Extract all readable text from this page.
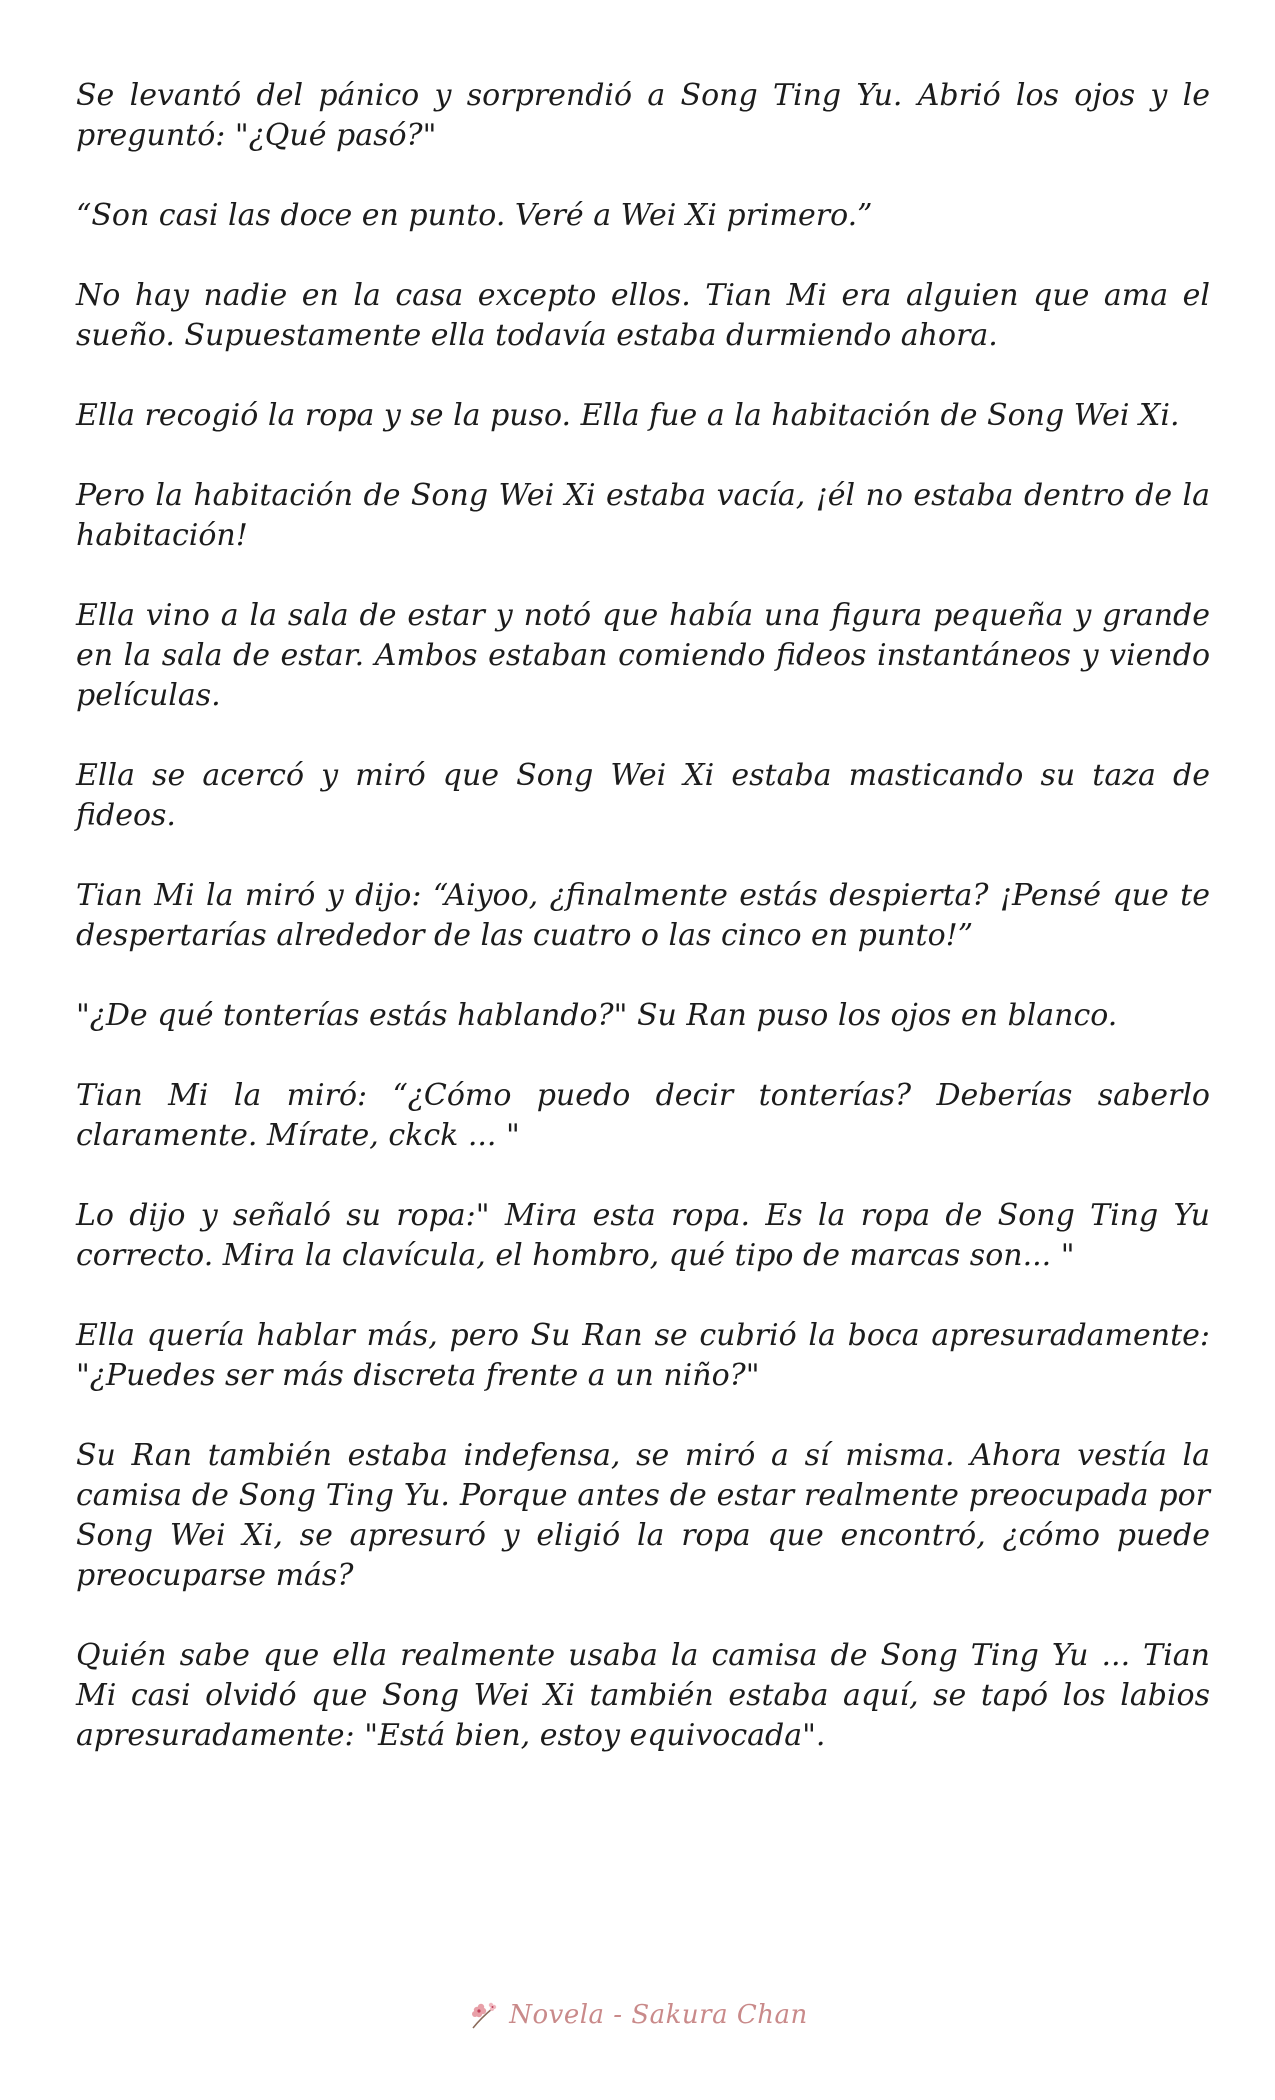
Se levantó del pánico y sorprendió a Song Ting Yu. Abrió los ojos y le preguntó: "¿Qué pasó?"

“Son casi las doce en punto. Veré a Wei Xi primero.”

No hay nadie en la casa excepto ellos. Tian Mi era alguien que ama el sueño. Supuestamente ella todavía estaba durmiendo ahora.

Ella recogió la ropa y se la puso. Ella fue a la habitación de Song Wei Xi.

Pero la habitación de Song Wei Xi estaba vacía, ¡él no estaba dentro de la habitación!

Ella vino a la sala de estar y notó que había una figura pequeña y grande en la sala de estar. Ambos estaban comiendo fideos instantáneos y viendo películas.

Ella se acercó y miró que Song Wei Xi estaba masticando su taza de fideos.

Tian Mi la miró y dijo: “Aiyoo, ¿finalmente estás despierta? ¡Pensé que te despertarías alrededor de las cuatro o las cinco en punto!”

"¿De qué tonterías estás hablando?" Su Ran puso los ojos en blanco.

Tian Mi la miró: “¿Cómo puedo decir tonterías? Deberías saberlo claramente. Mírate, ckck ... "

Lo dijo y señaló su ropa:" Mira esta ropa. Es la ropa de Song Ting Yu correcto. Mira la clavícula, el hombro, qué tipo de marcas son... "

Ella quería hablar más, pero Su Ran se cubrió la boca apresuradamente: "¿Puedes ser más discreta frente a un niño?"

Su Ran también estaba indefensa, se miró a sí misma. Ahora vestía la camisa de Song Ting Yu. Porque antes de estar realmente preocupada por Song Wei Xi, se apresuró y eligió la ropa que encontró, ¿cómo puede preocuparse más?

Quién sabe que ella realmente usaba la camisa de Song Ting Yu ... Tian Mi casi olvidó que Song Wei Xi también estaba aquí, se tapó los labios apresuradamente: "Está bien, estoy equivocada".

Novela - Sakura Chan
